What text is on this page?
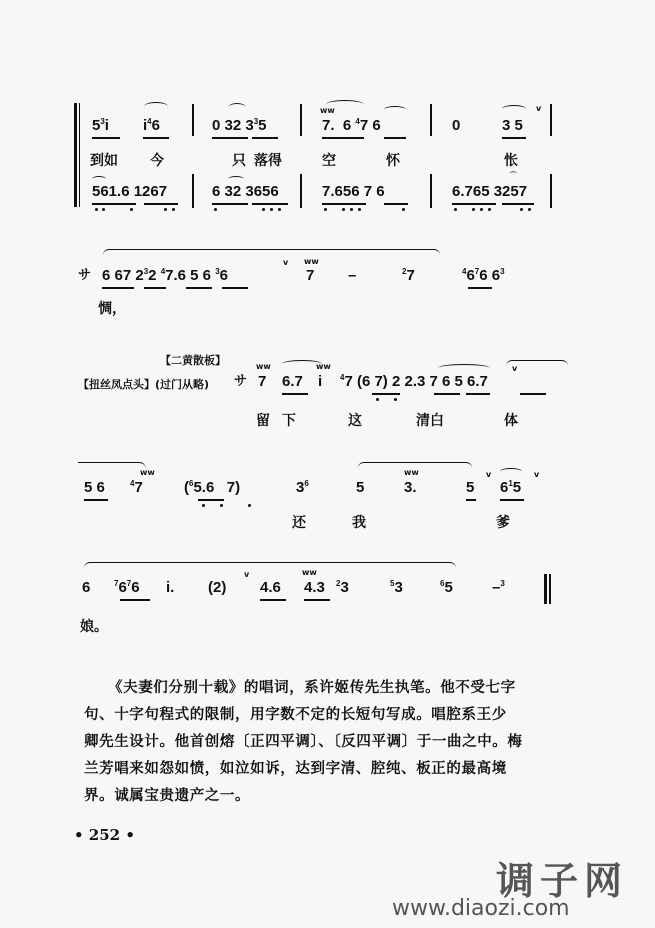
$5^3i$ $i^46$	0 32 $3^35$	7.  6 $^4$7 6
ww
0	3 5
v
到如 今	只 落得	空	怀	怅
561.6 1267	6 32 3656	7.656 7 6
⁀
6.765 3257
サ 6 67 $2^32$ $^4$7.6 5 6 $^3$6
v ww
7 –	$^2$7	$^46^76$ $6^3$
惆，
【二黄散板】
【扭丝凤点头】(过门从略) サ
ww
7 6.7
ww
i $^4$7 (6 7) 2 2.3 7 6 5 6.7
v
留 下	这	清白	体
5 6
ww
$^4$7	($^6$5.6   7)	$3^6$	5
ww
3.	5
v
$6^15$
v
还	我	爹
6	$^76^76$ i. (2)
v
4.6
ww
4.3 $^2$3	$^5$3	$^6$5	–$^3$
娘。
《夫妻们分别十载》的唱词，系许姬传先生执笔。他不受七字
句、十字句程式的限制，用字数不定的长短句写成。唱腔系王少
卿先生设计。他首创熔〔正四平调〕、〔反四平调〕于一曲之中。梅
兰芳唱来如怨如愤，如泣如诉，达到字清、腔纯、板正的最高境
界。诚属宝贵遗产之一。
• 252 •
调子网
www.diaozi.com
